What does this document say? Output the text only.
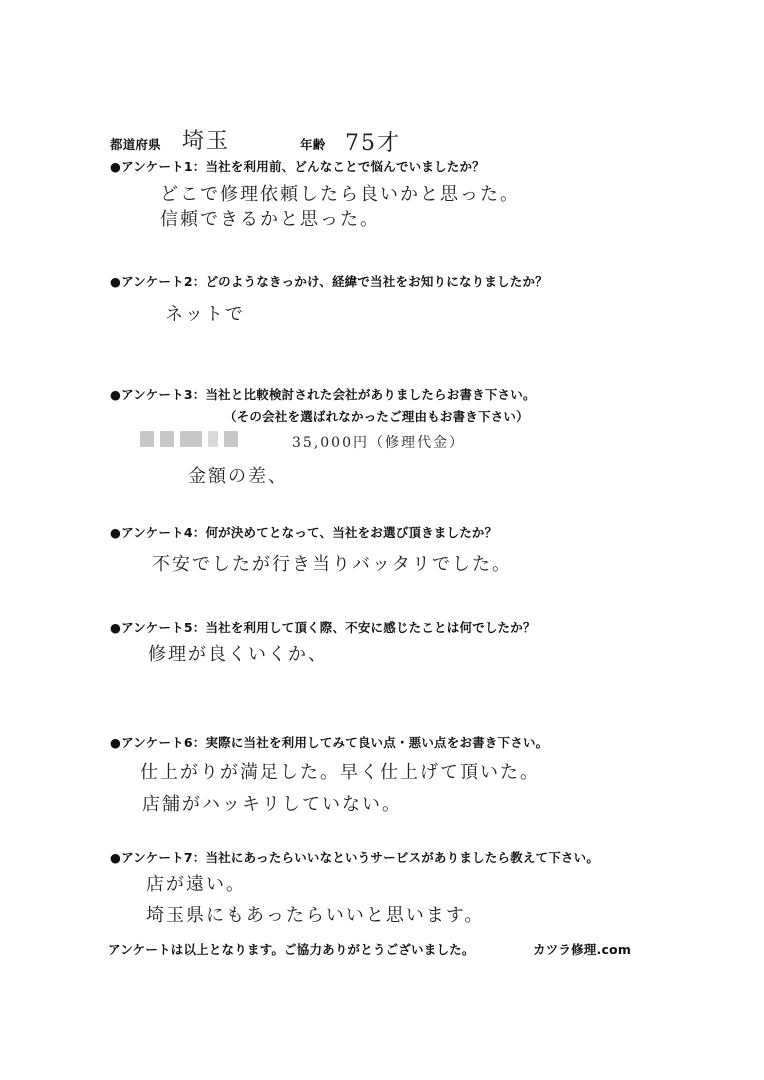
都道府県 埼玉	年齢 75才
●アンケート1：当社を利用前、どんなことで悩んでいましたか？
どこで修理依頼したら良いかと思った。
信頼できるかと思った。
●アンケート2：どのようなきっかけ、経緯で当社をお知りになりましたか？
ネットで
●アンケート3：当社と比較検討された会社がありましたらお書き下さい。
（その会社を選ばれなかったご理由もお書き下さい）
35,000円（修理代金）
金額の差、
●アンケート4：何が決めてとなって、当社をお選び頂きましたか？
不安でしたが行き当りバッタリでした。
●アンケート5：当社を利用して頂く際、不安に感じたことは何でしたか？
修理が良くいくか、
●アンケート6：実際に当社を利用してみて良い点・悪い点をお書き下さい。
仕上がりが満足した。早く仕上げて頂いた。
店舗がハッキリしていない。
●アンケート7：当社にあったらいいなというサービスがありましたら教えて下さい。
店が遠い。
埼玉県にもあったらいいと思います。
アンケートは以上となります。ご協力ありがとうございました。	カツラ修理.com
